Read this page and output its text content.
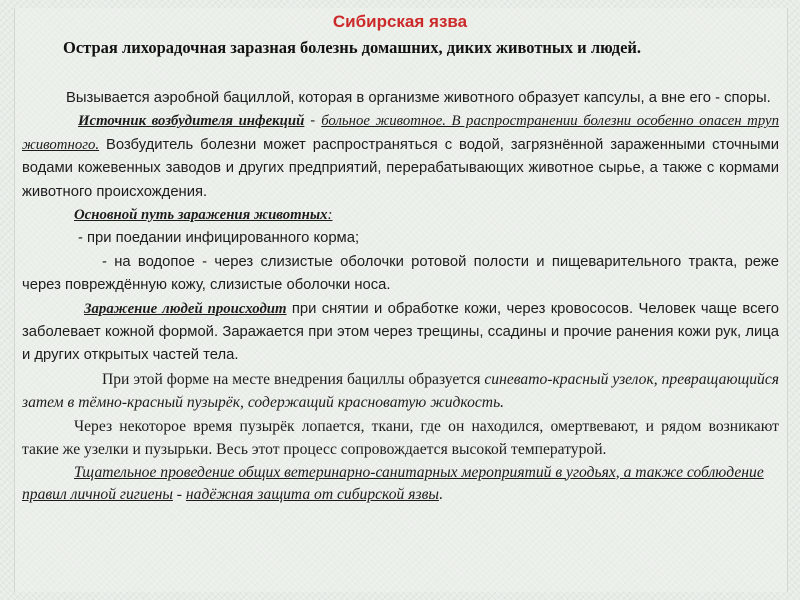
Сибирская язва
Острая лихорадочная заразная болезнь домашних, диких животных и людей.

Вызывается аэробной бациллой, которая в организме животного образует капсулы, а вне его - споры.

Источник возбудителя инфекций - больное животное. В распространении болезни особенно опасен труп животного. Возбудитель болезни может распространяться с водой, загрязнённой зараженными сточными водами кожевенных заводов и других предприятий, перерабатывающих животное сырье, а также с кормами животного происхождения.

Основной путь заражения животных:

- при поедании инфицированного корма;

- на водопое - через слизистые оболочки ротовой полости и пищеварительного тракта, реже через повреждённую кожу, слизистые оболочки носа.

Заражение людей происходит при снятии и обработке кожи, через кровососов. Человек чаще всего заболевает кожной формой. Заражается при этом через трещины, ссадины и прочие ранения кожи рук, лица и других открытых частей тела.

При этой форме на месте внедрения бациллы образуется синевато-красный узелок, превращающийся затем в тёмно-красный пузырёк, содержащий красноватую жидкость.

Через некоторое время пузырёк лопается, ткани, где он находился, омертвевают, и рядом возникают такие же узелки и пузырьки. Весь этот процесс сопровождается высокой температурой.

Тщательное проведение общих ветеринарно-санитарных мероприятий в угодьях, а также соблюдение правил личной гигиены - надёжная защита от сибирской язвы.
